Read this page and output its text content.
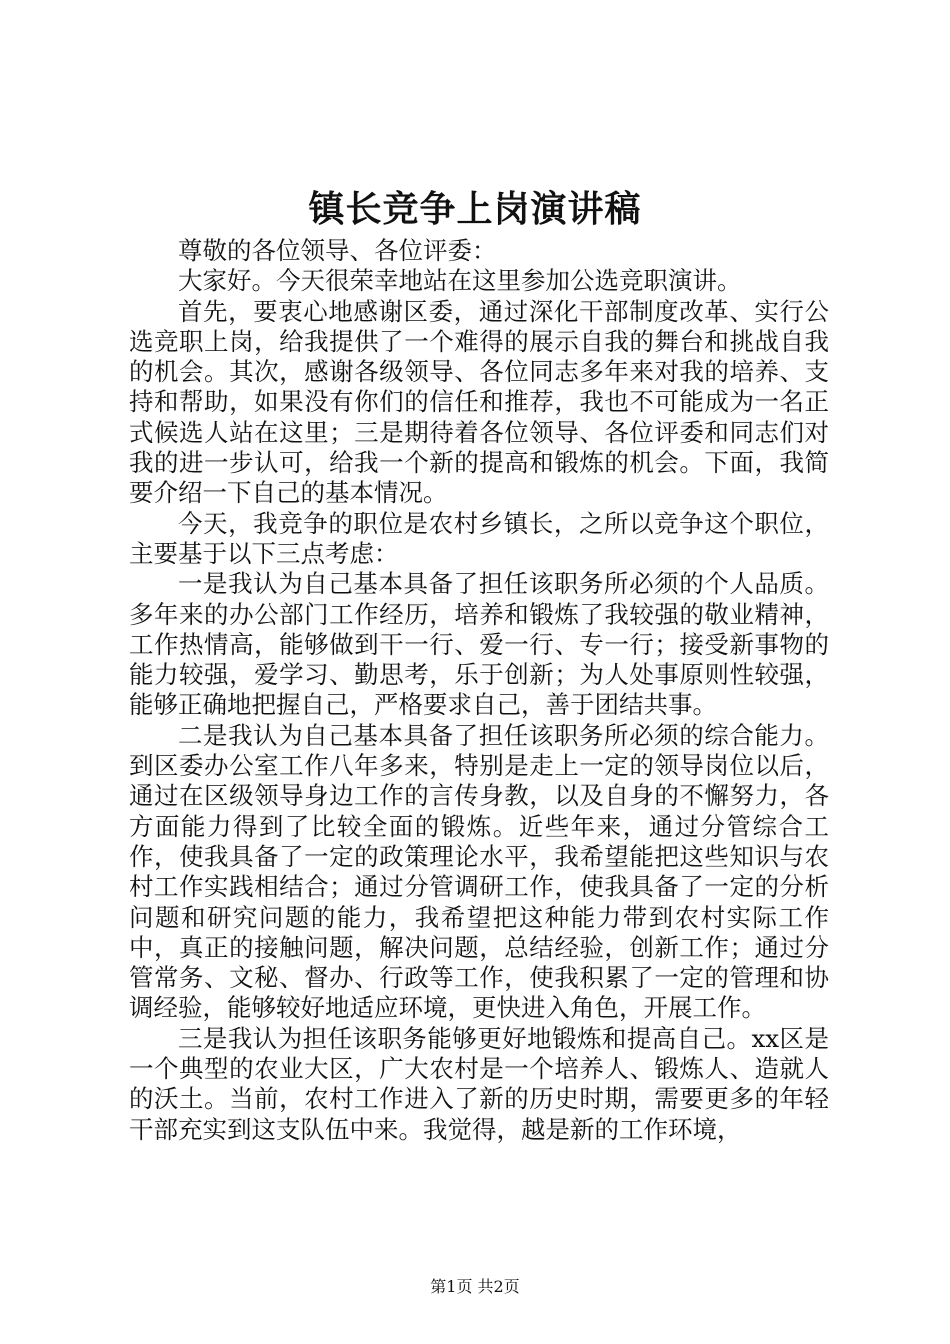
镇长竞争上岗演讲稿

尊敬的各位领导、各位评委：

大家好。今天很荣幸地站在这里参加公选竞职演讲。

首先，要衷心地感谢区委，通过深化干部制度改革、实行公选竞职上岗，给我提供了一个难得的展示自我的舞台和挑战自我的机会。其次，感谢各级领导、各位同志多年来对我的培养、支持和帮助，如果没有你们的信任和推荐，我也不可能成为一名正式候选人站在这里；三是期待着各位领导、各位评委和同志们对我的进一步认可，给我一个新的提高和锻炼的机会。下面，我简要介绍一下自己的基本情况。

今天，我竞争的职位是农村乡镇长，之所以竞争这个职位，主要基于以下三点考虑：

一是我认为自己基本具备了担任该职务所必须的个人品质。多年来的办公部门工作经历，培养和锻炼了我较强的敬业精神，工作热情高，能够做到干一行、爱一行、专一行；接受新事物的能力较强，爱学习、勤思考，乐于创新；为人处事原则性较强，能够正确地把握自己，严格要求自己，善于团结共事。

二是我认为自己基本具备了担任该职务所必须的综合能力。到区委办公室工作八年多来，特别是走上一定的领导岗位以后，通过在区级领导身边工作的言传身教，以及自身的不懈努力，各方面能力得到了比较全面的锻炼。近些年来，通过分管综合工作，使我具备了一定的政策理论水平，我希望能把这些知识与农村工作实践相结合；通过分管调研工作，使我具备了一定的分析问题和研究问题的能力，我希望把这种能力带到农村实际工作中，真正的接触问题，解决问题，总结经验，创新工作；通过分管常务、文秘、督办、行政等工作，使我积累了一定的管理和协调经验，能够较好地适应环境，更快进入角色，开展工作。

三是我认为担任该职务能够更好地锻炼和提高自己。xx区是一个典型的农业大区，广大农村是一个培养人、锻炼人、造就人的沃土。当前，农村工作进入了新的历史时期，需要更多的年轻干部充实到这支队伍中来。我觉得，越是新的工作环境，

第1页 共2页
